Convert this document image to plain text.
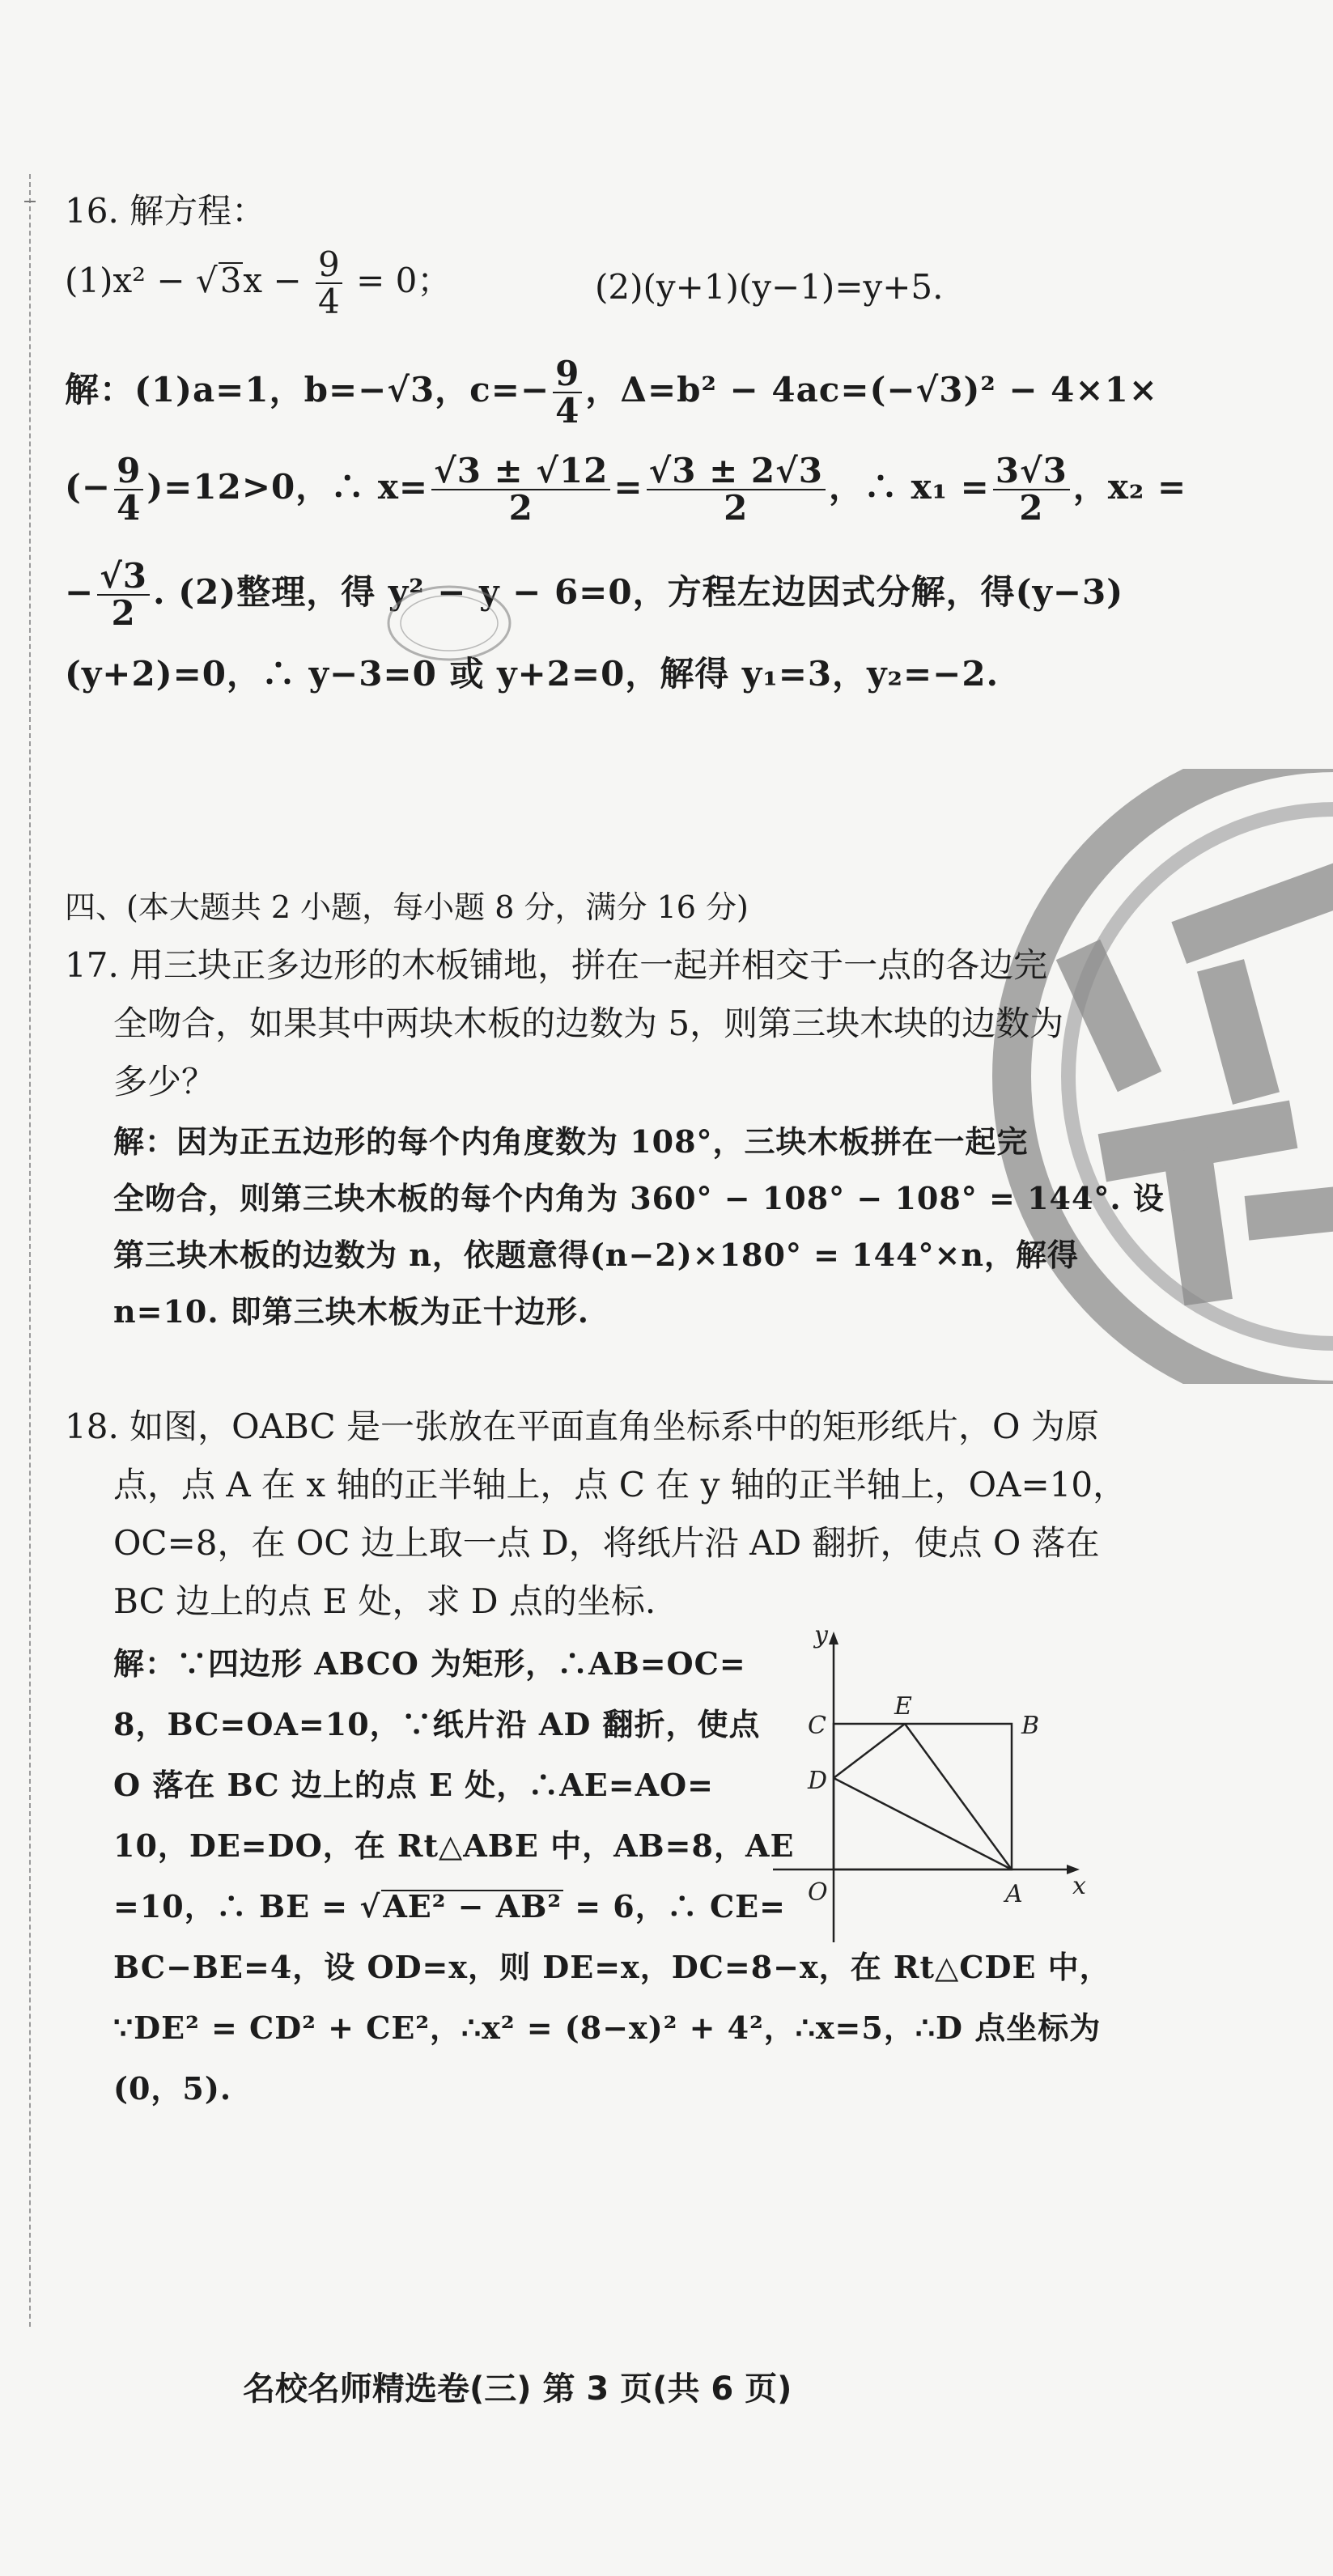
16. 解方程：
$(1)x^2 - √3x - \frac{9}{4} = 0$；	(2)(y+1)(y−1)=y+5.
解：(1)a=1，b=−√3，$c=- \frac{9}{4}$ ，Δ=b² − 4ac=(−√3)² − 4×1×
(− $\frac{9}{4} )=12>0$，∴ $x= \frac{√3 \pm √12}{2} = \frac{√3 \pm 2√3}{2}$ ，∴ $x_1 = \frac{3√3}{2}$ ，x₂ =
− $\frac{√3}{2}$ . (2)整理，得 y² − y − 6=0，方程左边因式分解，得(y−3)
(y+2)=0，∴ y−3=0 或 y+2=0，解得 y₁=3，y₂=−2.
四、(本大题共 2 小题，每小题 8 分，满分 16 分)
17. 用三块正多边形的木板铺地，拼在一起并相交于一点的各边完
全吻合，如果其中两块木板的边数为 5，则第三块木块的边数为
多少？
解：因为正五边形的每个内角度数为 108°，三块木板拼在一起完
全吻合，则第三块木板的每个内角为 360° − 108° − 108° = 144°. 设
第三块木板的边数为 n，依题意得(n−2)×180° = 144°×n，解得
n=10. 即第三块木板为正十边形.
18. 如图，OABC 是一张放在平面直角坐标系中的矩形纸片，O 为原
点，点 A 在 x 轴的正半轴上，点 C 在 y 轴的正半轴上，OA=10，
OC=8，在 OC 边上取一点 D，将纸片沿 AD 翻折，使点 O 落在
BC 边上的点 E 处，求 D 点的坐标.
解：∵四边形 ABCO 为矩形，∴AB=OC=
8，BC=OA=10，∵纸片沿 AD 翻折，使点
O 落在 BC 边上的点 E 处，∴AE=AO=
10，DE=DO，在 Rt△ABE 中，AB=8，AE
=10，∴ BE = √AE² − AB² = 6，∴ CE=
BC−BE=4，设 OD=x，则 DE=x，DC=8−x，在 Rt△CDE 中，
∵DE² = CD² + CE²，∴x² = (8−x)² + 4²，∴x=5，∴D 点坐标为
(0，5).
y
x
O	A
B
C
D
E
名校名师精选卷(三) 第 3 页(共 6 页)
